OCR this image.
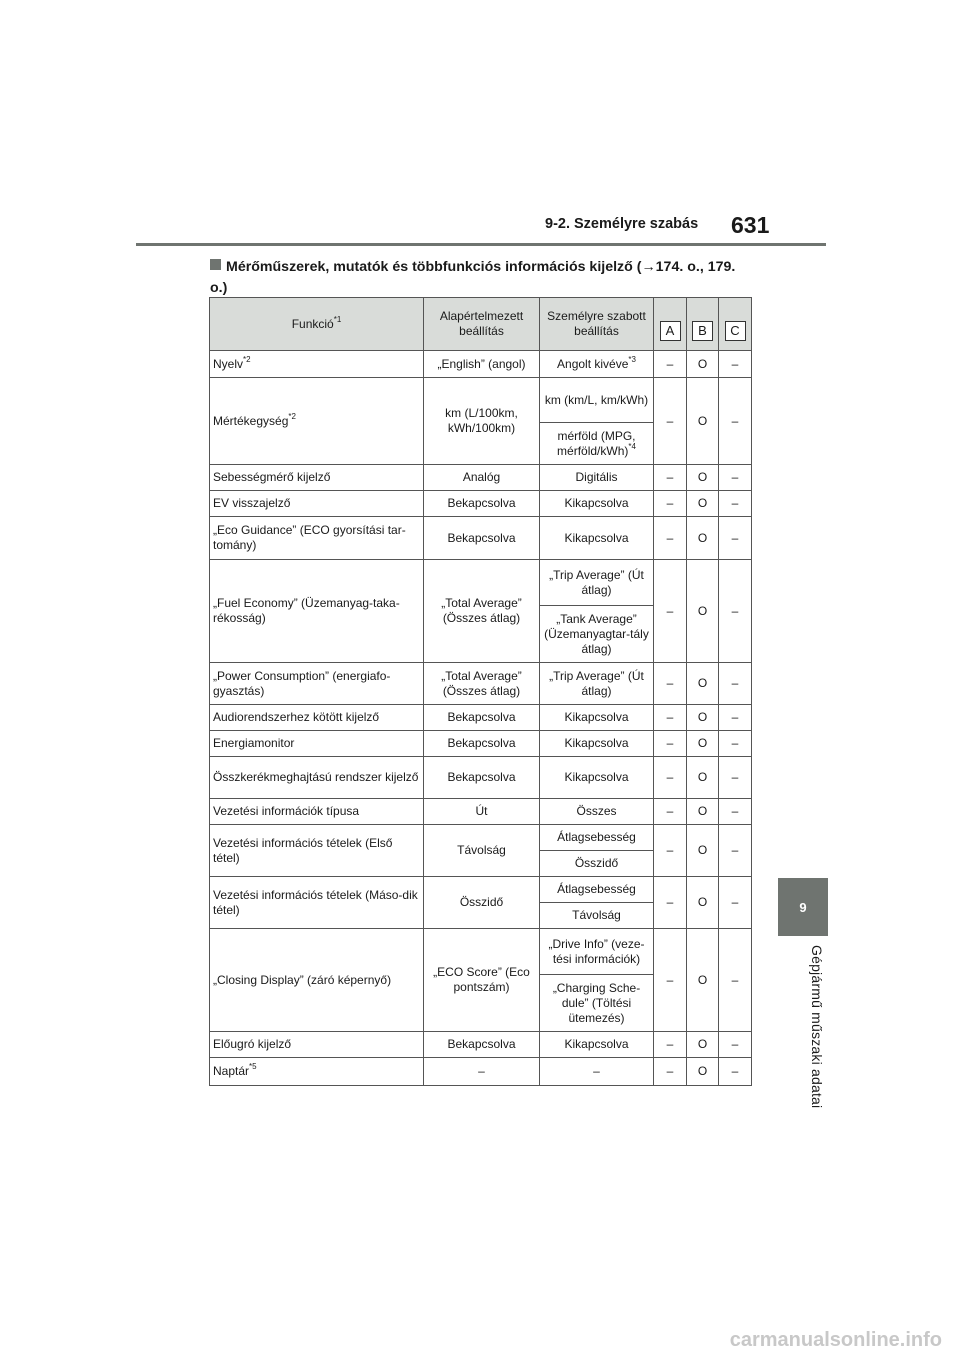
9-2. Személyre szabás 631
9
Gépjármű műszaki adatai
Mérőműszerek, mutatók és többfunkciós információs kijelző (→174. o., 179. o.)
Funkció$^{*1}$	Alapértelmezett beállítás	Személyre szabott beállítás	A	B	C
Nyelv$^{*2}$	„English” (angol)	Angolt kivéve$^{*3}$	–	O	–
Mértékegység$^{*2}$	km (L/100km, kWh/100km)	km (km/L, km/kWh)	–	O	–
		mérföld (MPG, mérföld/kWh)$^{*4}$
Sebességmérő kijelző	Analóg	Digitális	–	O	–
EV visszajelző	Bekapcsolva	Kikapcsolva	–	O	–
„Eco Guidance” (ECO gyorsítási tar-tomány)	Bekapcsolva	Kikapcsolva	–	O	–
„Fuel Economy” (Üzemanyag-taka-rékosság)	„Total Average” (Összes átlag)	„Trip Average” (Út átlag)	–	O	–
		„Tank Average” (Üzemanyagtar-tály átlag)			
„Power Consumption” (energiafo-gyasztás)	„Total Average” (Összes átlag)	„Trip Average” (Út átlag)	–	O	–
Audiorendszerhez kötött kijelző	Bekapcsolva	Kikapcsolva	–	O	–
Energiamonitor	Bekapcsolva	Kikapcsolva	–	O	–
Összkerékmeghajtású rendszer kijelző	Bekapcsolva	Kikapcsolva	–	O	–
Vezetési információk típusa	Út	Összes	–	O	–
Vezetési információs tételek (Első tétel)	Távolság	Átlagsebesség	–	O	–
		Összidő			
Vezetési információs tételek (Máso-dik tétel)	Összidő	Átlagsebesség	–	O	–
		Távolság			
„Closing Display” (záró képernyő)	„ECO Score” (Eco pontszám)	„Drive Info” (veze-tési információk)	–	O	–
		„Charging Sche-dule” (Töltési ütemezés)			
Előugró kijelző	Bekapcsolva	Kikapcsolva	–	O	–
Naptár$^{*5}$	–	–	–	O	–
carmanualsonline.info
